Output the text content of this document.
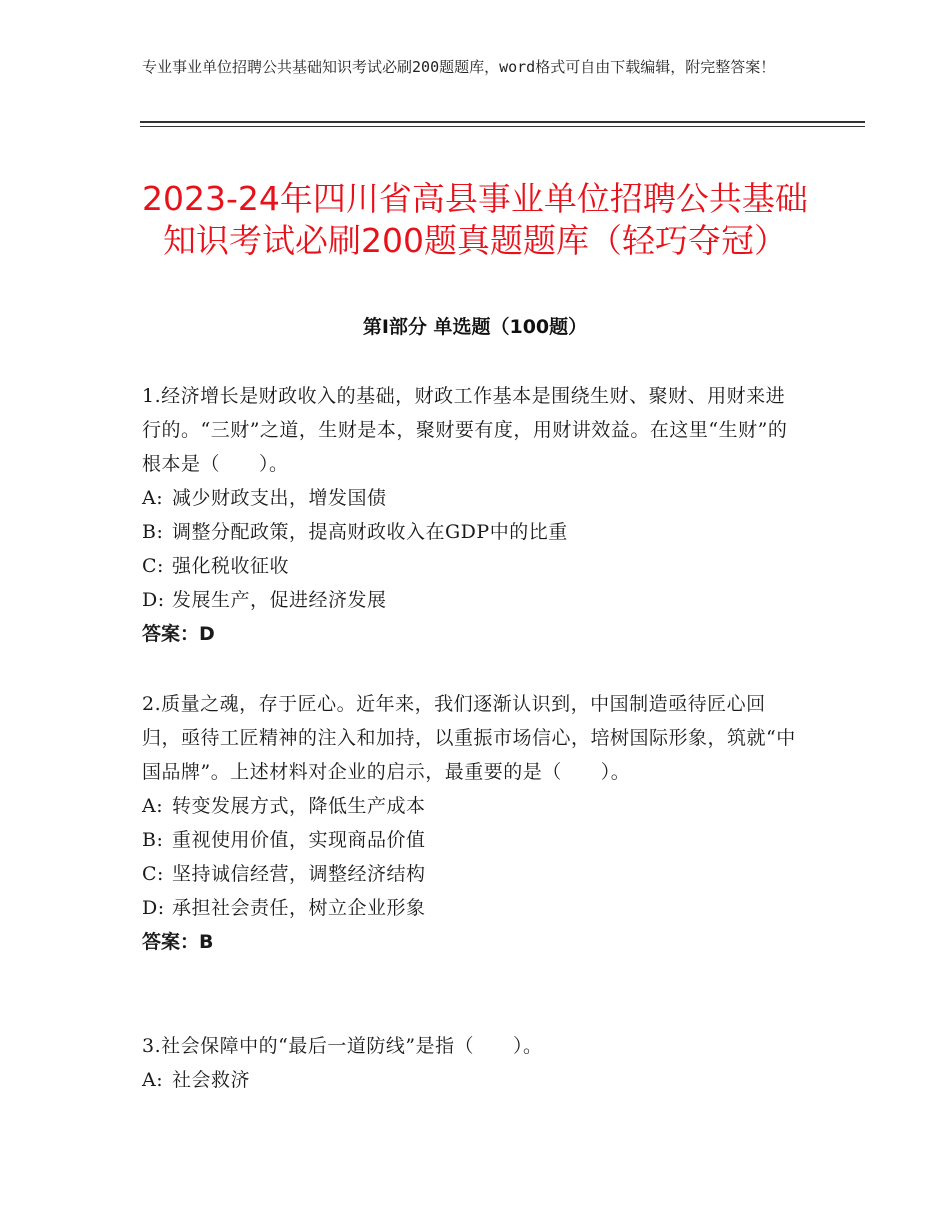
专业事业单位招聘公共基础知识考试必刷200题题库，word格式可自由下载编辑，附完整答案！
2023-24年四川省高县事业单位招聘公共基础知识考试必刷200题真题题库（轻巧夺冠）
第Ⅰ部分 单选题（100题）

1.经济增长是财政收入的基础，财政工作基本是围绕生财、聚财、用财来进行的。“三财”之道，生财是本，聚财要有度，用财讲效益。在这里“生财”的根本是（　　）。

A: 减少财政支出，增发国债

B: 调整分配政策，提高财政收入在GDP中的比重

C: 强化税收征收

D: 发展生产，促进经济发展

答案：D

2.质量之魂，存于匠心。近年来，我们逐渐认识到，中国制造亟待匠心回归，亟待工匠精神的注入和加持，以重振市场信心，培树国际形象，筑就“中国品牌”。上述材料对企业的启示，最重要的是（　　）。

A: 转变发展方式，降低生产成本

B: 重视使用价值，实现商品价值

C: 坚持诚信经营，调整经济结构

D: 承担社会责任，树立企业形象

答案：B

3.社会保障中的“最后一道防线”是指（　　）。

A: 社会救济
